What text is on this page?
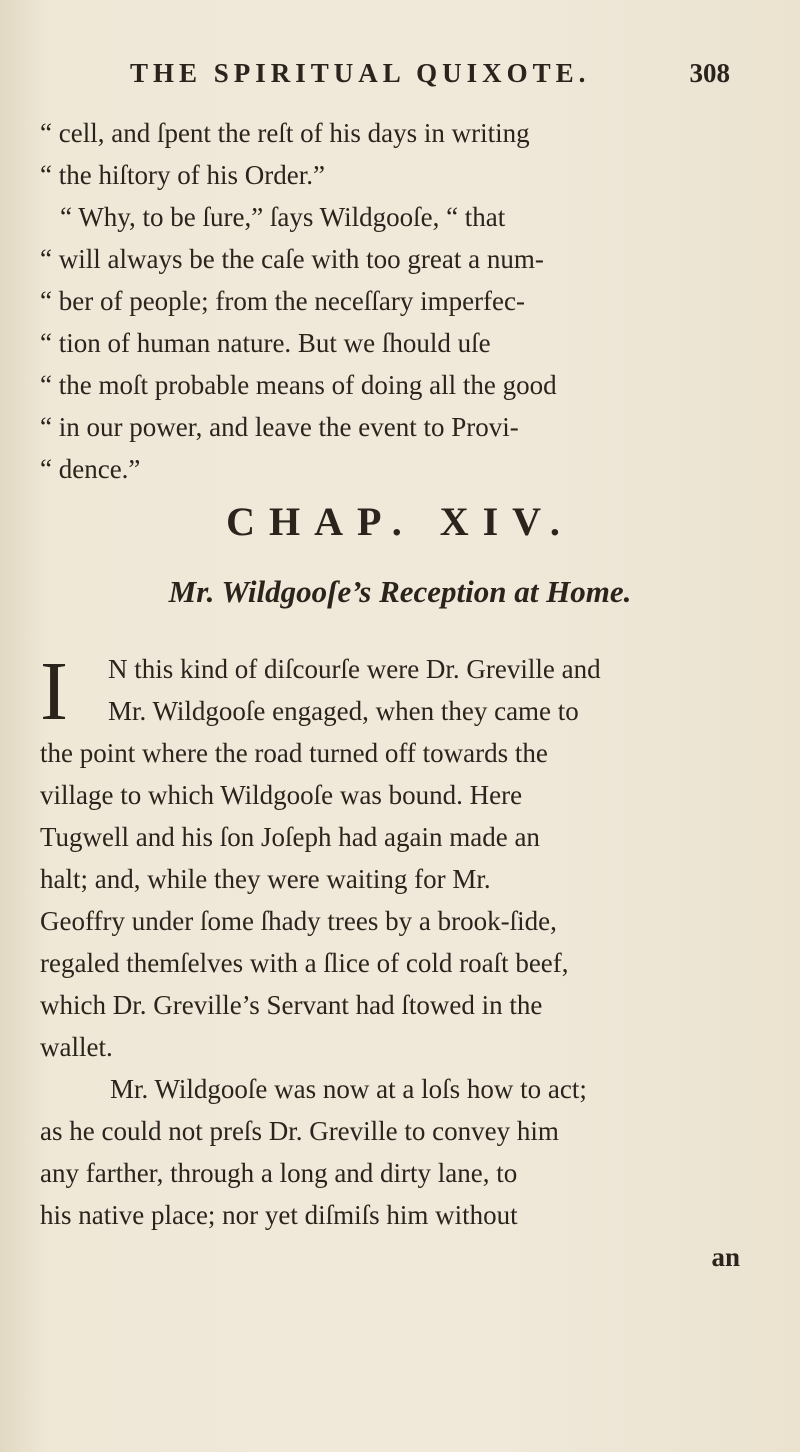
THE SPIRITUAL QUIXOTE.	308
“ cell, and ſpent the reſt of his days in writing
“ the hiſtory of his Order.”
“ Why, to be ſure,” ſays Wildgooſe, “ that
“ will always be the caſe with too great a num-
“ ber of people; from the neceſſary imperfec-
“ tion of human nature. But we ſhould uſe
“ the moſt probable means of doing all the good
“ in our power, and leave the event to Provi-
“ dence.”
CHAP. XIV.
Mr. Wildgooſe’s Reception at Home.
I N this kind of diſcourſe were Dr. Greville and
Mr. Wildgooſe engaged, when they came to
the point where the road turned off towards the
village to which Wildgooſe was bound. Here
Tugwell and his ſon Joſeph had again made an
halt; and, while they were waiting for Mr.
Geoffry under ſome ſhady trees by a brook-ſide,
regaled themſelves with a ſlice of cold roaſt beef,
which Dr. Greville’s Servant had ſtowed in the
wallet.
Mr. Wildgooſe was now at a loſs how to act;
as he could not preſs Dr. Greville to convey him
any farther, through a long and dirty lane, to
his native place; nor yet diſmiſs him without
an
